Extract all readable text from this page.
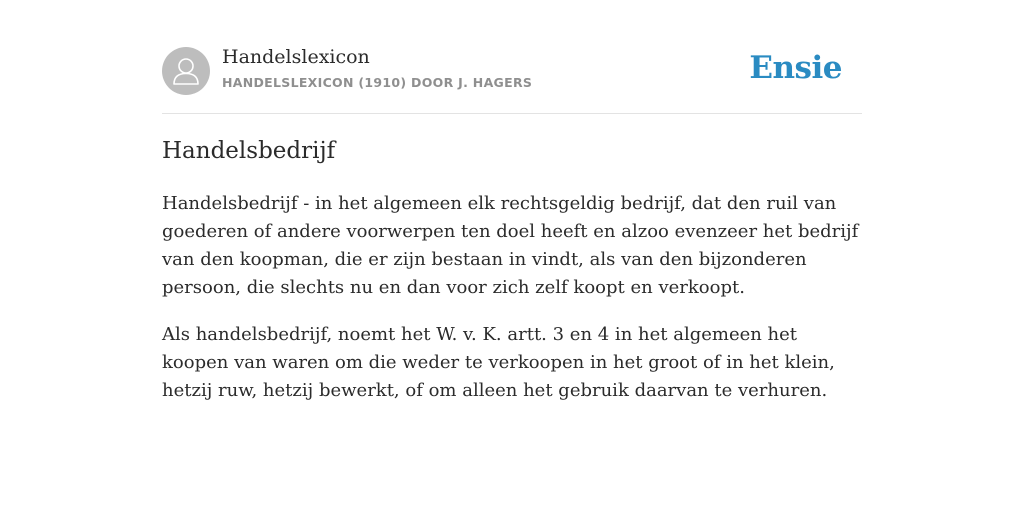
Handelslexicon
HANDELSLEXICON (1910) DOOR J. HAGERS	Ensie
Handelsbedrijf

Handelsbedrijf - in het algemeen elk rechtsgeldig bedrijf, dat den ruil van goederen of andere voorwerpen ten doel heeft en alzoo evenzeer het bedrijf van den koopman, die er zijn bestaan in vindt, als van den bijzonderen persoon, die slechts nu en dan voor zich zelf koopt en verkoopt.

Als handelsbedrijf, noemt het W. v. K. artt. 3 en 4 in het algemeen het koopen van waren om die weder te verkoopen in het groot of in het klein, hetzij ruw, hetzij bewerkt, of om alleen het gebruik daarvan te verhuren.
